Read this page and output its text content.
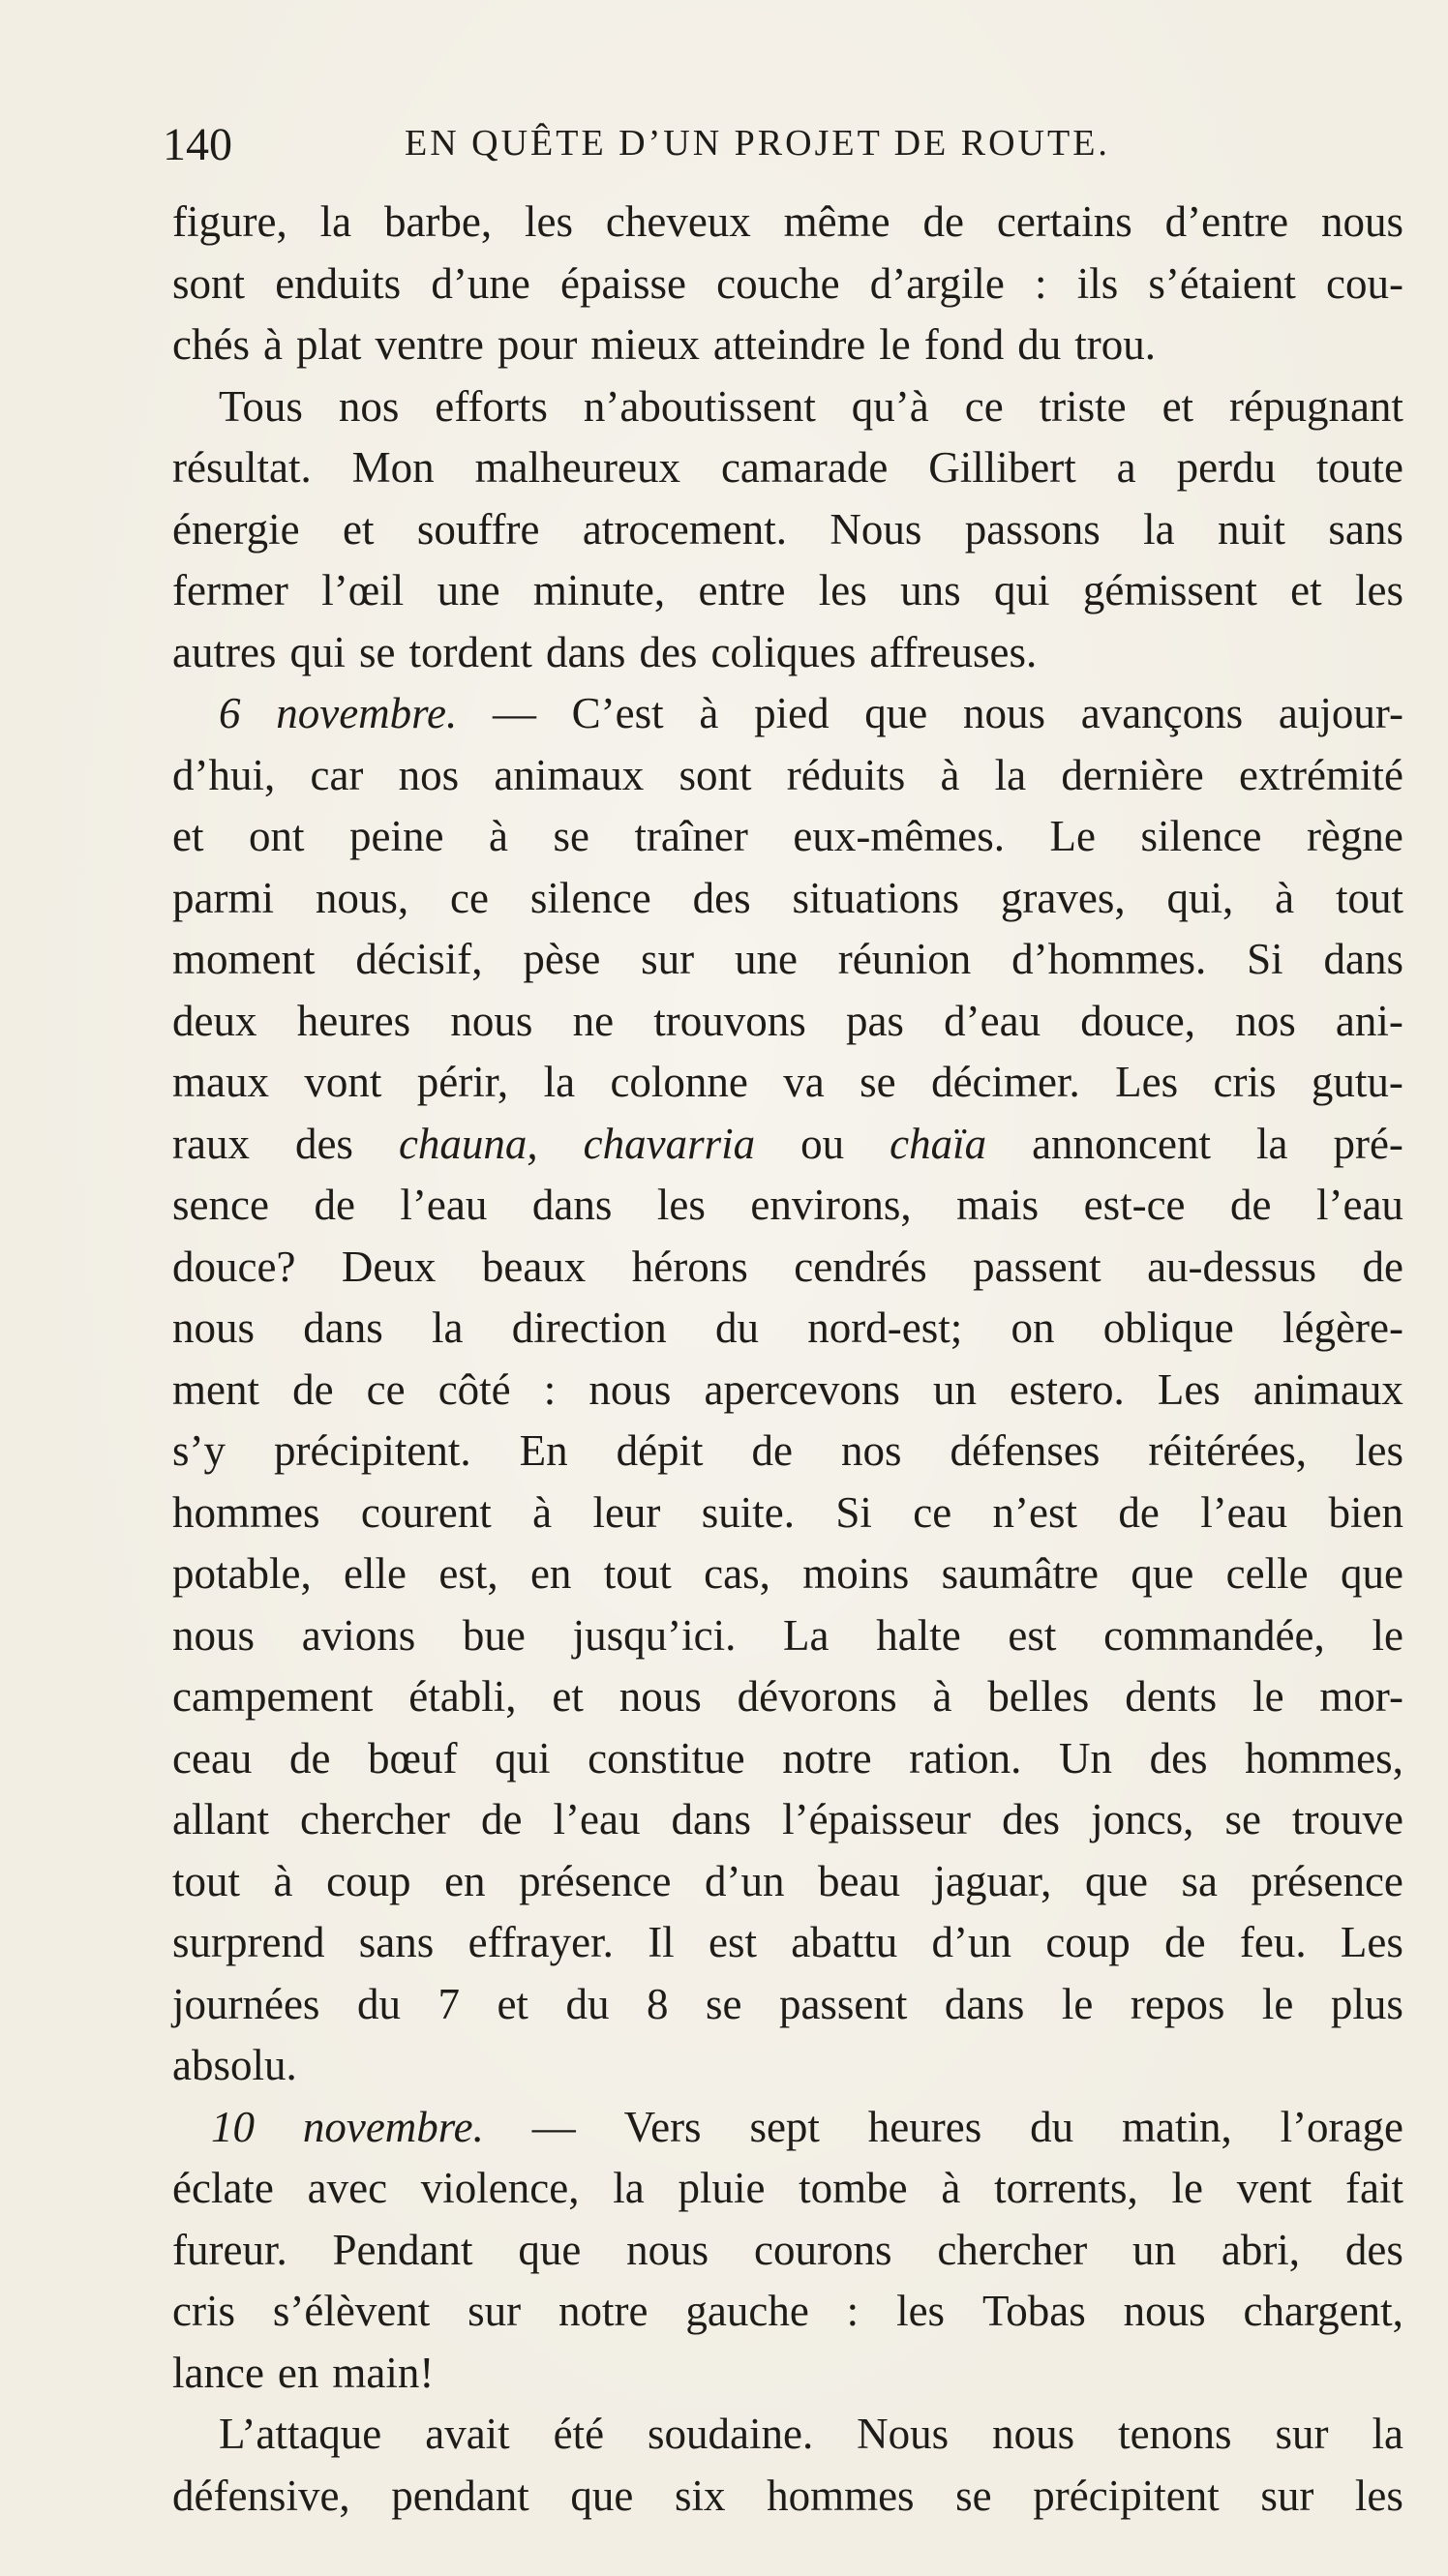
140	EN QUÊTE D’UN PROJET DE ROUTE.
figure, la barbe, les cheveux même de certains d’entre nous
sont enduits d’une épaisse couche d’argile : ils s’étaient cou-
chés à plat ventre pour mieux atteindre le fond du trou.
Tous nos efforts n’aboutissent qu’à ce triste et répugnant
résultat. Mon malheureux camarade Gillibert a perdu toute
énergie et souffre atrocement. Nous passons la nuit sans
fermer l’œil une minute, entre les uns qui gémissent et les
autres qui se tordent dans des coliques affreuses.
6 novembre. — C’est à pied que nous avançons aujour-
d’hui, car nos animaux sont réduits à la dernière extrémité
et ont peine à se traîner eux-mêmes. Le silence règne
parmi nous, ce silence des situations graves, qui, à tout
moment décisif, pèse sur une réunion d’hommes. Si dans
deux heures nous ne trouvons pas d’eau douce, nos ani-
maux vont périr, la colonne va se décimer. Les cris gutu-
raux des chauna, chavarria ou chaïa annoncent la pré-
sence de l’eau dans les environs, mais est-ce de l’eau
douce? Deux beaux hérons cendrés passent au-dessus de
nous dans la direction du nord-est; on oblique légère-
ment de ce côté : nous apercevons un estero. Les animaux
s’y précipitent. En dépit de nos défenses réitérées, les
hommes courent à leur suite. Si ce n’est de l’eau bien
potable, elle est, en tout cas, moins saumâtre que celle que
nous avions bue jusqu’ici. La halte est commandée, le
campement établi, et nous dévorons à belles dents le mor-
ceau de bœuf qui constitue notre ration. Un des hommes,
allant chercher de l’eau dans l’épaisseur des joncs, se trouve
tout à coup en présence d’un beau jaguar, que sa présence
surprend sans effrayer. Il est abattu d’un coup de feu. Les
journées du 7 et du 8 se passent dans le repos le plus
absolu.
10 novembre. — Vers sept heures du matin, l’orage
éclate avec violence, la pluie tombe à torrents, le vent fait
fureur. Pendant que nous courons chercher un abri, des
cris s’élèvent sur notre gauche : les Tobas nous chargent,
lance en main!
L’attaque avait été soudaine. Nous nous tenons sur la
défensive, pendant que six hommes se précipitent sur les
